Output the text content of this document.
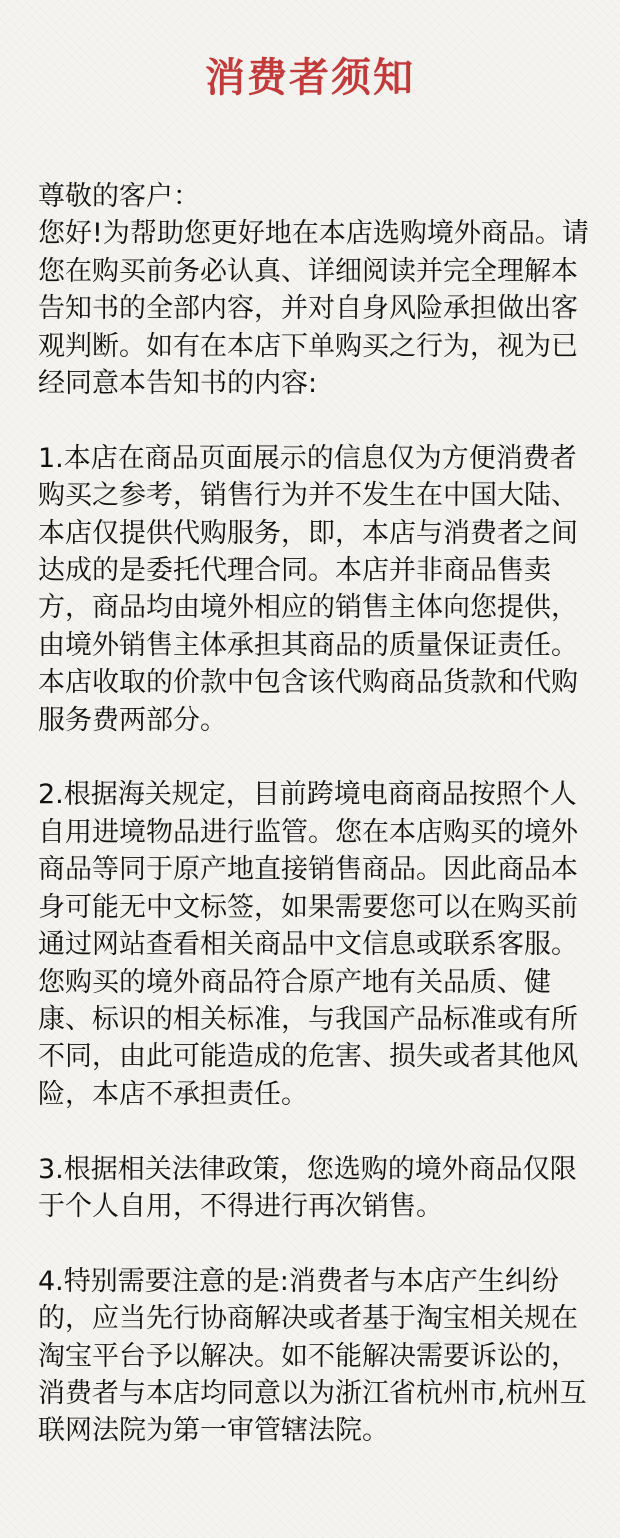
消费者须知

尊敬的客户：

您好!为帮助您更好地在本店选购境外商品。请您在购买前务必认真、详细阅读并完全理解本告知书的全部内容，并对自身风险承担做出客观判断。如有在本店下单购买之行为，视为已经同意本告知书的内容:

1.本店在商品页面展示的信息仅为方便消费者购买之参考，销售行为并不发生在中国大陆、本店仅提供代购服务，即，本店与消费者之间达成的是委托代理合同。本店并非商品售卖方，商品均由境外相应的销售主体向您提供，由境外销售主体承担其商品的质量保证责任。本店收取的价款中包含该代购商品货款和代购服务费两部分。

2.根据海关规定，目前跨境电商商品按照个人自用进境物品进行监管。您在本店购买的境外商品等同于原产地直接销售商品。因此商品本身可能无中文标签，如果需要您可以在购买前通过网站查看相关商品中文信息或联系客服。您购买的境外商品符合原产地有关品质、健康、标识的相关标准，与我国产品标准或有所不同，由此可能造成的危害、损失或者其他风险，本店不承担责任。

3.根据相关法律政策，您选购的境外商品仅限于个人自用，不得进行再次销售。

4.特别需要注意的是:消费者与本店产生纠纷的，应当先行协商解决或者基于淘宝相关规在淘宝平台予以解决。如不能解决需要诉讼的，消费者与本店均同意以为浙江省杭州市,杭州互联网法院为第一审管辖法院。
